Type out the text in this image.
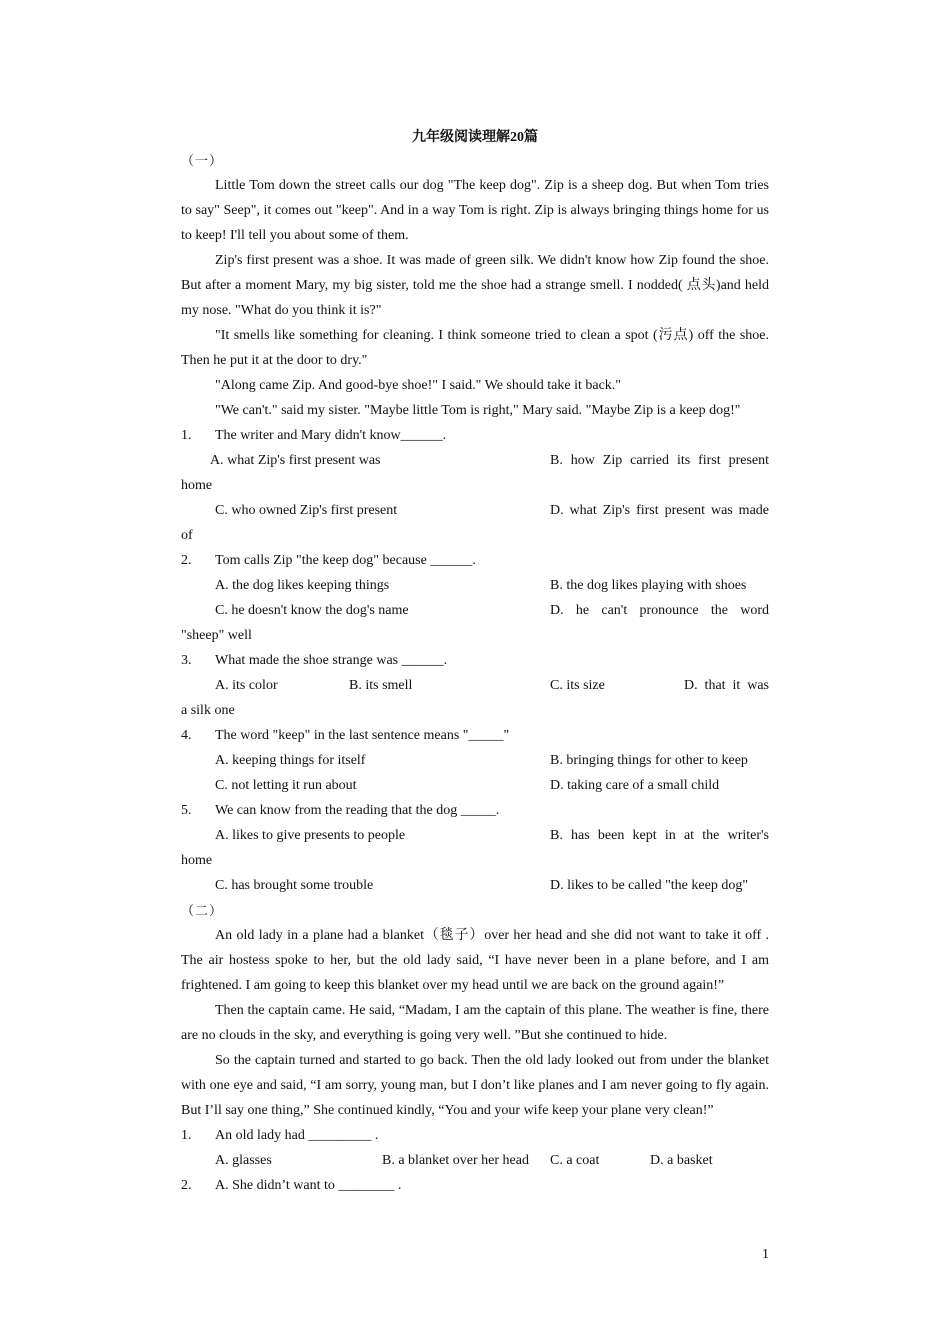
九年级阅读理解20篇
（一）

Little Tom down the street calls our dog "The keep dog". Zip is a sheep dog. But when Tom tries to say" Seep", it comes out "keep". And in a way Tom is right. Zip is always bringing things home for us to keep! I'll tell you about some of them.

Zip's first present was a shoe. It was made of green silk. We didn't know how Zip found the shoe. But after a moment Mary, my big sister, told me the shoe had a strange smell. I nodded( 点头)and held my nose. "What do you think it is?"

"It smells like something for cleaning. I think someone tried to clean a spot (污点) off the shoe. Then he put it at the door to dry."

"Along came Zip. And good-bye shoe!" I said." We should take it back."

"We can't." said my sister. "Maybe little Tom is right," Mary said. "Maybe Zip is a keep dog!"

1. The writer and Mary didn't know______.
A. what Zip's first present was	B. how Zip carried its first present
home
C. who owned Zip's first present	D. what Zip's first present was made
of
2. Tom calls Zip "the keep dog" because ______.
A. the dog likes keeping things	B. the dog likes playing with shoes
C. he doesn't know the dog's name	D. he can't pronounce the word
"sheep" well
3. What made the shoe strange was ______.
A. its color	B. its smell	C. its size	D. that it was
a silk one
4. The word "keep" in the last sentence means "_____"
A. keeping things for itself	B. bringing things for other to keep
C. not letting it run about	D. taking care of a small child
5. We can know from the reading that the dog _____.
A. likes to give presents to people	B. has been kept in at the writer's
home
C. has brought some trouble	D. likes to be called "the keep dog"
（二）

An old lady in a plane had a blanket（毯子）over her head and she did not want to take it off . The air hostess spoke to her, but the old lady said, “I have never been in a plane before, and I am frightened. I am going to keep this blanket over my head until we are back on the ground again!”

Then the captain came. He said, “Madam, I am the captain of this plane. The weather is fine, there are no clouds in the sky, and everything is going very well. ”But she continued to hide.

So the captain turned and started to go back. Then the old lady looked out from under the blanket with one eye and said, “I am sorry, young man, but I don’t like planes and I am never going to fly again. But I’ll say one thing,” She continued kindly, “You and your wife keep your plane very clean!”

1. An old lady had _________ .
A. glasses	B. a blanket over her head C. a coat	D. a basket
2. A. She didn’t want to ________ .
1
